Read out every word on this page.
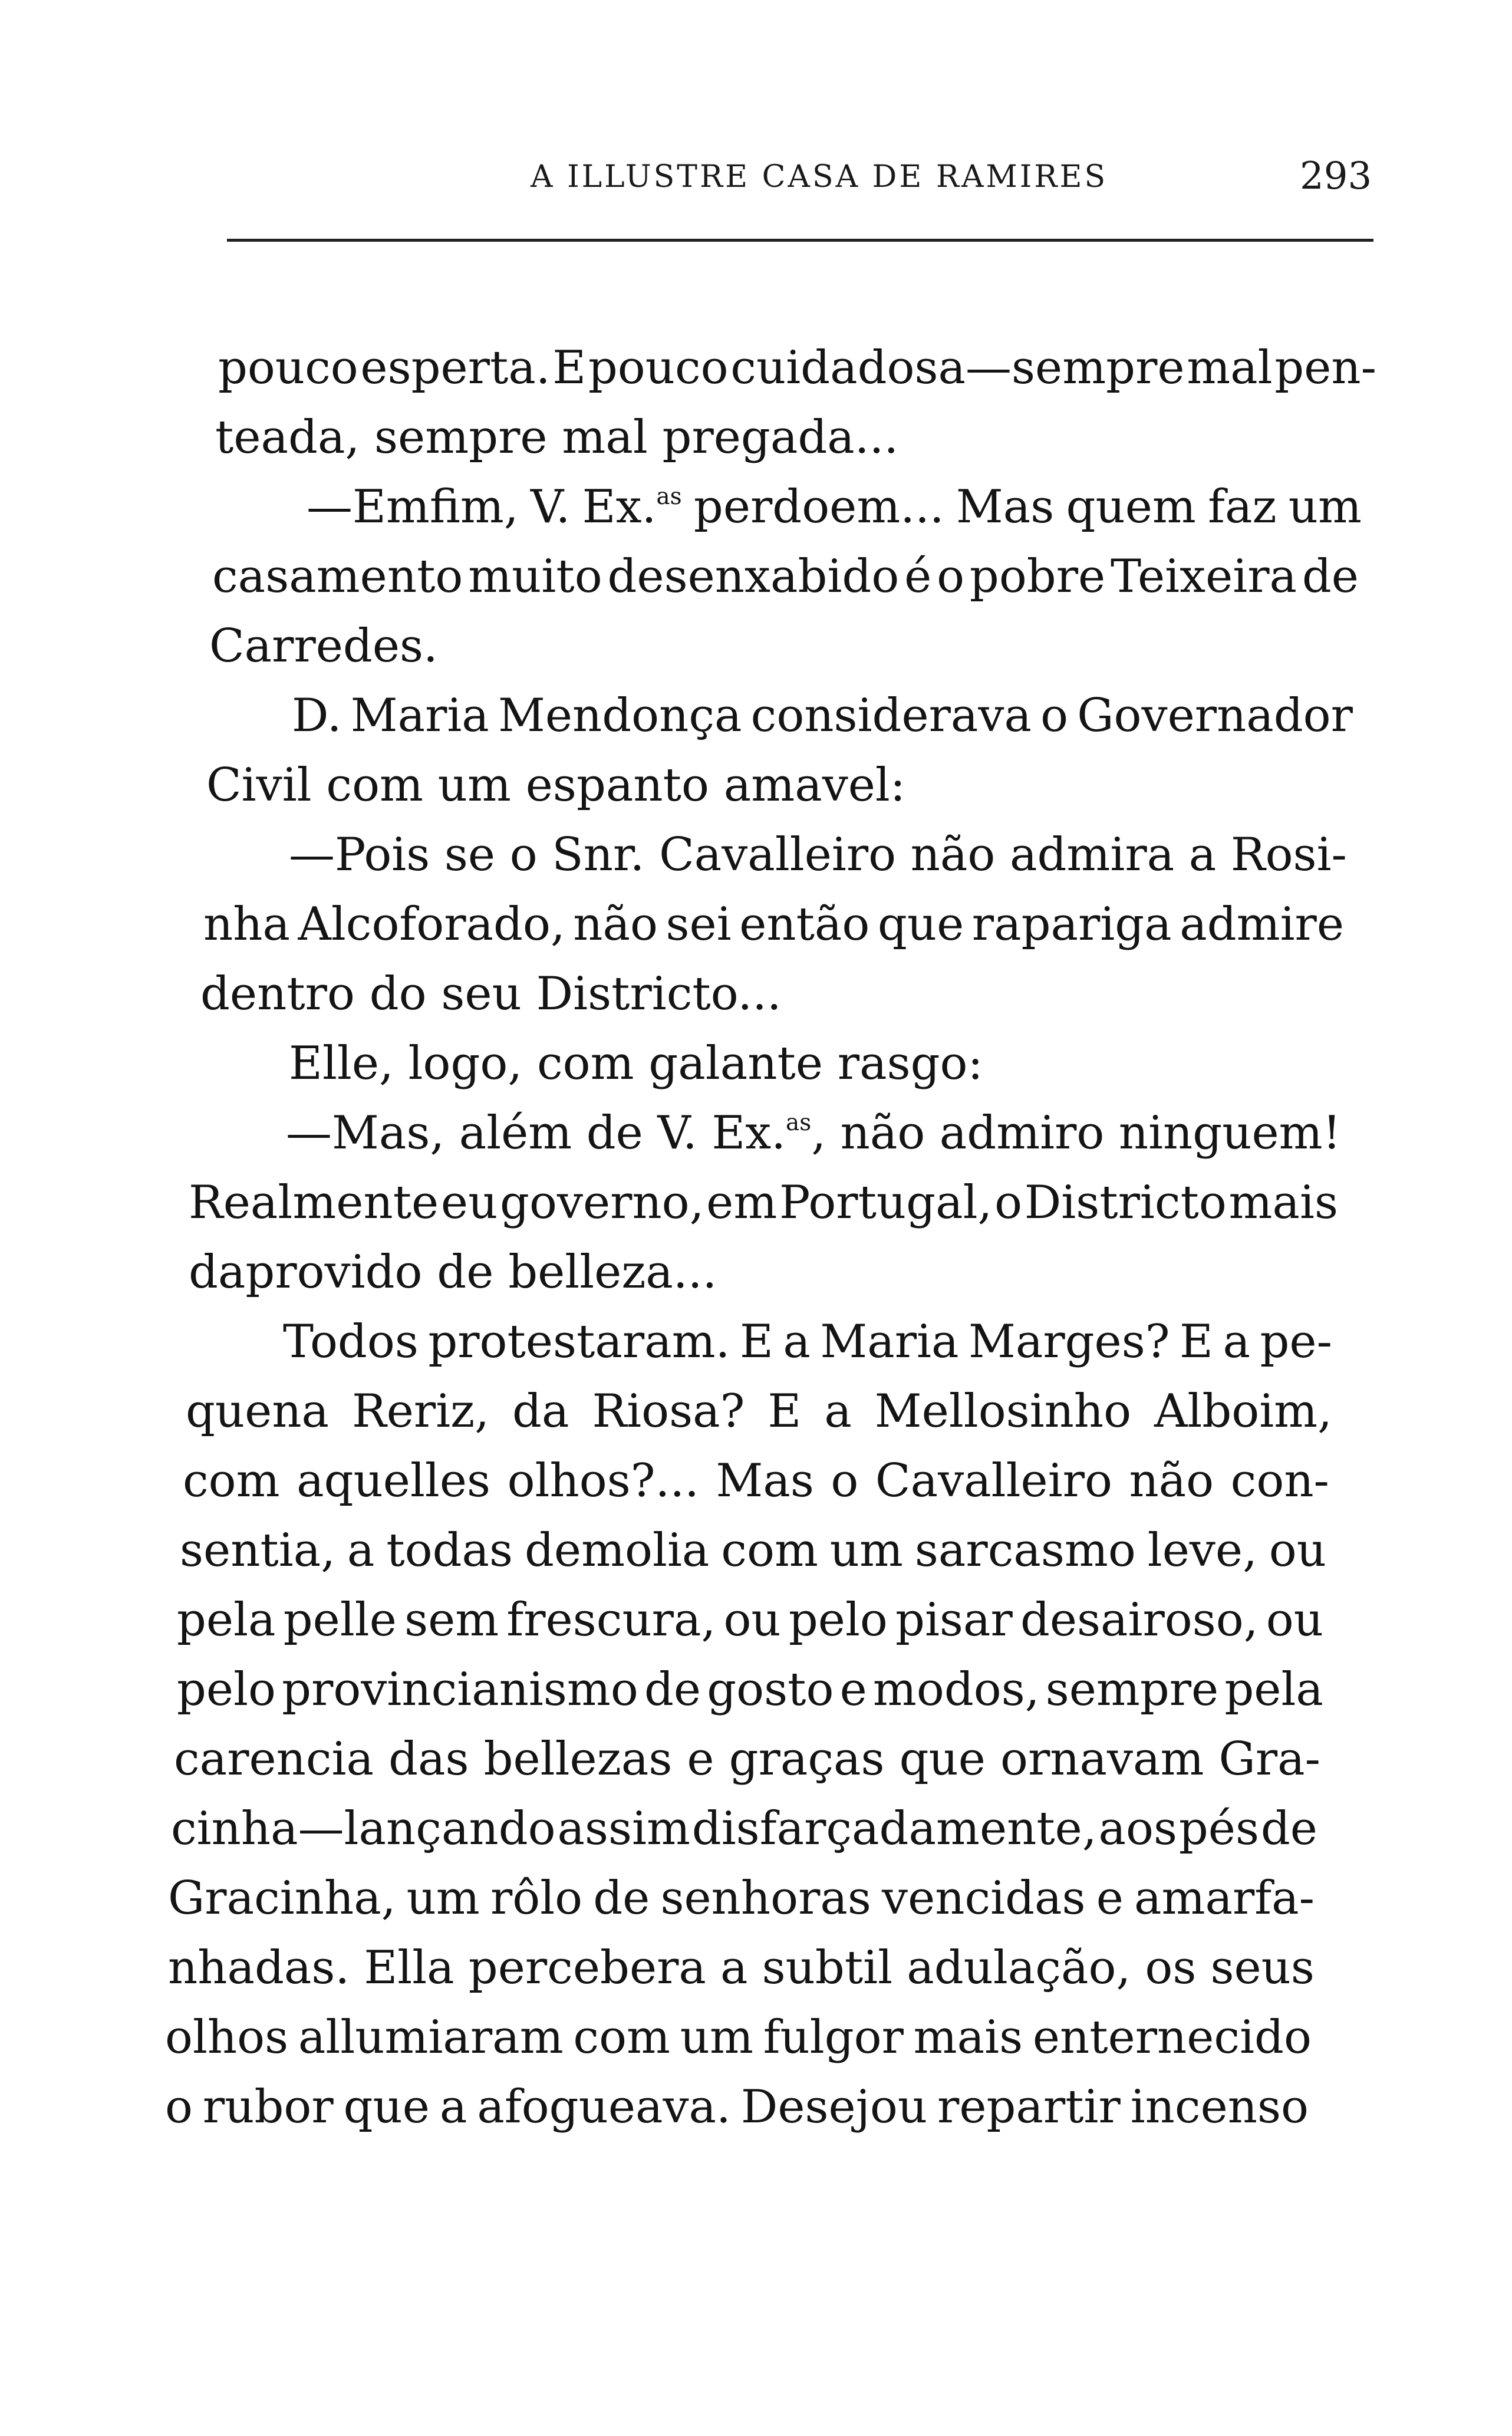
A ILLUSTRE CASA DE RAMIRES	293
pouco esperta. E pouco cuidadosa—sempre mal pen-
teada, sempre mal pregada...
—Emfim, V. Ex.$^{as}$ perdoem... Mas quem faz um
casamento muito desenxabido é o pobre Teixeira de
Carredes.
D. Maria Mendonça considerava o Governador
Civil com um espanto amavel:
—Pois se o Snr. Cavalleiro não admira a Rosi-
nha Alcoforado, não sei então que rapariga admire
dentro do seu Districto...
Elle, logo, com galante rasgo:
—Mas, além de V. Ex.$^{as}$, não admiro ninguem!
Realmente eu governo, em Portugal, o Districto mais
daprovido de belleza...
Todos protestaram. E a Maria Marges? E a pe-
quena Reriz, da Riosa? E a Mellosinho Alboim,
com aquelles olhos?... Mas o Cavalleiro não con-
sentia, a todas demolia com um sarcasmo leve, ou
pela pelle sem frescura, ou pelo pisar desairoso, ou
pelo provincianismo de gosto e modos, sempre pela
carencia das bellezas e graças que ornavam Gra-
cinha—lançando assim disfarçadamente, aos pés de
Gracinha, um rôlo de senhoras vencidas e amarfa-
nhadas. Ella percebera a subtil adulação, os seus
olhos allumiaram com um fulgor mais enternecido
o rubor que a afogueava. Desejou repartir incenso
